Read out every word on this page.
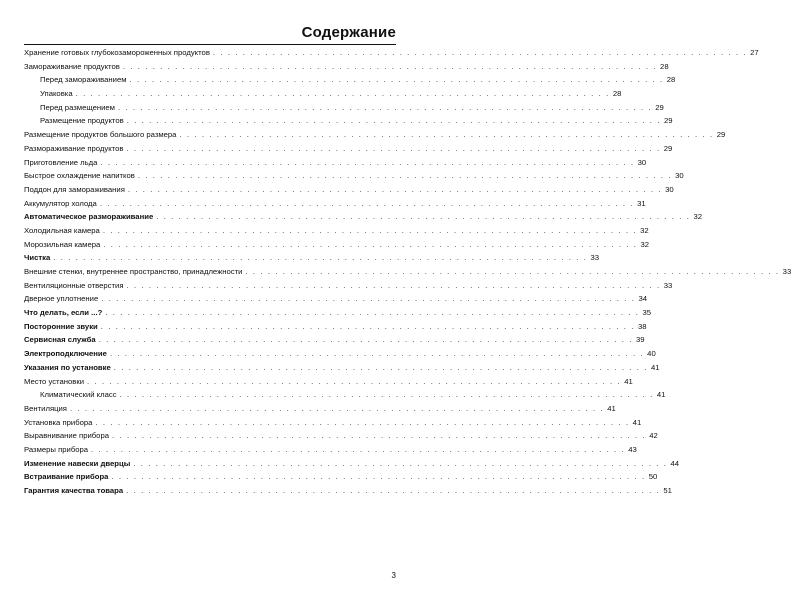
Содержание
Хранение готовых глубокозамороженных продуктов . . . . . . . . . . . . . . . . . . . . . . . . . . . . . . . . . . . . . . . . . . . . . . . . . . . . . . . . . . . . . . . . . . . . . . . . 27
Замораживание продуктов . . . . . . . . . . . . . . . . . . . . . . . . . . . . . . . . . . . . . . . . . . . . . . . . . . . . . . . . . . . . . . . . . . . . . . . . 28
Перед замораживанием . . . . . . . . . . . . . . . . . . . . . . . . . . . . . . . . . . . . . . . . . . . . . . . . . . . . . . . . . . . . . . . . . . . . . . . . 28
Упаковка . . . . . . . . . . . . . . . . . . . . . . . . . . . . . . . . . . . . . . . . . . . . . . . . . . . . . . . . . . . . . . . . . . . . . . . . 28
Перед размещением . . . . . . . . . . . . . . . . . . . . . . . . . . . . . . . . . . . . . . . . . . . . . . . . . . . . . . . . . . . . . . . . . . . . . . . . 29
Размещение продуктов . . . . . . . . . . . . . . . . . . . . . . . . . . . . . . . . . . . . . . . . . . . . . . . . . . . . . . . . . . . . . . . . . . . . . . . . 29
Размещение продуктов большого размера . . . . . . . . . . . . . . . . . . . . . . . . . . . . . . . . . . . . . . . . . . . . . . . . . . . . . . . . . . . . . . . . . . . . . . . . 29
Размораживание продуктов . . . . . . . . . . . . . . . . . . . . . . . . . . . . . . . . . . . . . . . . . . . . . . . . . . . . . . . . . . . . . . . . . . . . . . . . 29
Приготовление льда . . . . . . . . . . . . . . . . . . . . . . . . . . . . . . . . . . . . . . . . . . . . . . . . . . . . . . . . . . . . . . . . . . . . . . . . 30
Быстрое охлаждение напитков . . . . . . . . . . . . . . . . . . . . . . . . . . . . . . . . . . . . . . . . . . . . . . . . . . . . . . . . . . . . . . . . . . . . . . . . 30
Поддон для замораживания . . . . . . . . . . . . . . . . . . . . . . . . . . . . . . . . . . . . . . . . . . . . . . . . . . . . . . . . . . . . . . . . . . . . . . . . 30
Аккумулятор холода . . . . . . . . . . . . . . . . . . . . . . . . . . . . . . . . . . . . . . . . . . . . . . . . . . . . . . . . . . . . . . . . . . . . . . . . 31
Автоматическое размораживание . . . . . . . . . . . . . . . . . . . . . . . . . . . . . . . . . . . . . . . . . . . . . . . . . . . . . . . . . . . . . . . . . . . . . . . . 32
Холодильная камера . . . . . . . . . . . . . . . . . . . . . . . . . . . . . . . . . . . . . . . . . . . . . . . . . . . . . . . . . . . . . . . . . . . . . . . . 32
Морозильная камера . . . . . . . . . . . . . . . . . . . . . . . . . . . . . . . . . . . . . . . . . . . . . . . . . . . . . . . . . . . . . . . . . . . . . . . . 32
Чистка . . . . . . . . . . . . . . . . . . . . . . . . . . . . . . . . . . . . . . . . . . . . . . . . . . . . . . . . . . . . . . . . . . . . . . . . 33
Внешние стенки, внутреннее пространство, принадлежности . . . . . . . . . . . . . . . . . . . . . . . . . . . . . . . . . . . . . . . . . . . . . . . . . . . . . . . . . . . . . . . . . . . . . . . . 33
Вентиляционные отверстия . . . . . . . . . . . . . . . . . . . . . . . . . . . . . . . . . . . . . . . . . . . . . . . . . . . . . . . . . . . . . . . . . . . . . . . . 33
Дверное уплотнение . . . . . . . . . . . . . . . . . . . . . . . . . . . . . . . . . . . . . . . . . . . . . . . . . . . . . . . . . . . . . . . . . . . . . . . . 34
Что делать, если ...? . . . . . . . . . . . . . . . . . . . . . . . . . . . . . . . . . . . . . . . . . . . . . . . . . . . . . . . . . . . . . . . . . . . . . . . . 35
Посторонние звуки . . . . . . . . . . . . . . . . . . . . . . . . . . . . . . . . . . . . . . . . . . . . . . . . . . . . . . . . . . . . . . . . . . . . . . . . 38
Сервисная служба . . . . . . . . . . . . . . . . . . . . . . . . . . . . . . . . . . . . . . . . . . . . . . . . . . . . . . . . . . . . . . . . . . . . . . . . 39
Электроподключение . . . . . . . . . . . . . . . . . . . . . . . . . . . . . . . . . . . . . . . . . . . . . . . . . . . . . . . . . . . . . . . . . . . . . . . . 40
Указания по установке . . . . . . . . . . . . . . . . . . . . . . . . . . . . . . . . . . . . . . . . . . . . . . . . . . . . . . . . . . . . . . . . . . . . . . . . 41
Место установки . . . . . . . . . . . . . . . . . . . . . . . . . . . . . . . . . . . . . . . . . . . . . . . . . . . . . . . . . . . . . . . . . . . . . . . . 41
Климатический класс . . . . . . . . . . . . . . . . . . . . . . . . . . . . . . . . . . . . . . . . . . . . . . . . . . . . . . . . . . . . . . . . . . . . . . . . 41
Вентиляция . . . . . . . . . . . . . . . . . . . . . . . . . . . . . . . . . . . . . . . . . . . . . . . . . . . . . . . . . . . . . . . . . . . . . . . . 41
Установка прибора . . . . . . . . . . . . . . . . . . . . . . . . . . . . . . . . . . . . . . . . . . . . . . . . . . . . . . . . . . . . . . . . . . . . . . . . 41
Выравнивание прибора . . . . . . . . . . . . . . . . . . . . . . . . . . . . . . . . . . . . . . . . . . . . . . . . . . . . . . . . . . . . . . . . . . . . . . . . 42
Размеры прибора . . . . . . . . . . . . . . . . . . . . . . . . . . . . . . . . . . . . . . . . . . . . . . . . . . . . . . . . . . . . . . . . . . . . . . . . 43
Изменение навески дверцы . . . . . . . . . . . . . . . . . . . . . . . . . . . . . . . . . . . . . . . . . . . . . . . . . . . . . . . . . . . . . . . . . . . . . . . . 44
Встраивание прибора . . . . . . . . . . . . . . . . . . . . . . . . . . . . . . . . . . . . . . . . . . . . . . . . . . . . . . . . . . . . . . . . . . . . . . . . 50
Гарантия качества товара . . . . . . . . . . . . . . . . . . . . . . . . . . . . . . . . . . . . . . . . . . . . . . . . . . . . . . . . . . . . . . . . . . . . . . . . 51
3
